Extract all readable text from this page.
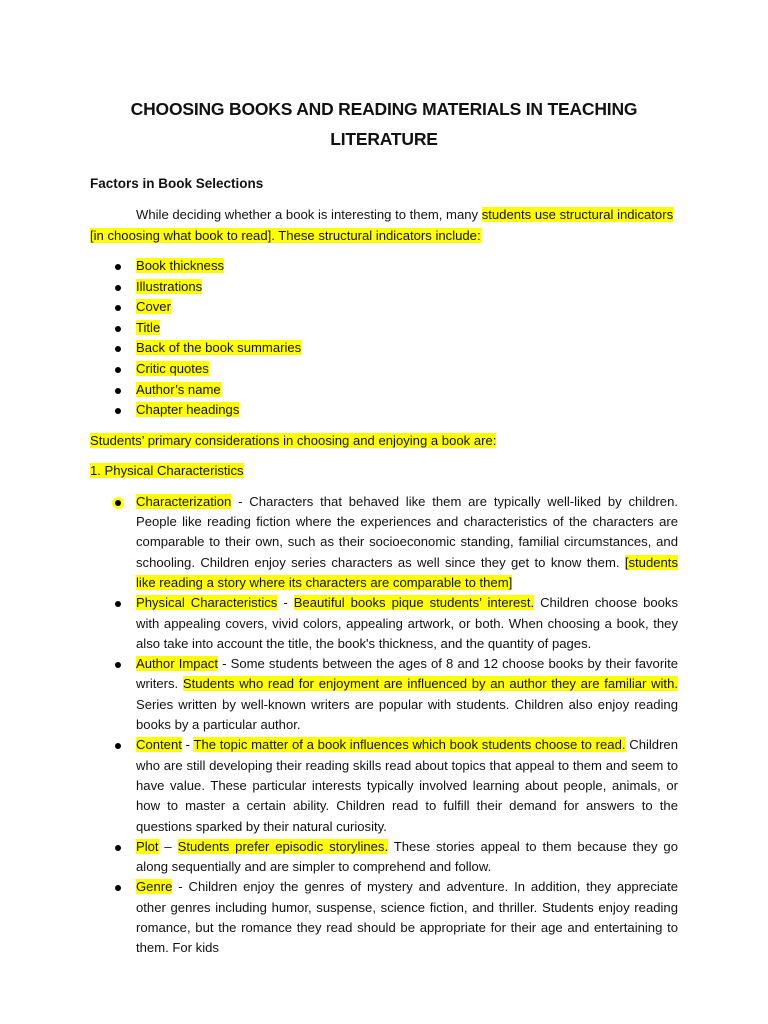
CHOOSING BOOKS AND READING MATERIALS IN TEACHING
LITERATURE
Factors in Book Selections

While deciding whether a book is interesting to them, many students use structural indicators [in choosing what book to read]. These structural indicators include:

Book thickness
Illustrations
Cover
Title
Back of the book summaries
Critic quotes
Author’s name
Chapter headings

Students’ primary considerations in choosing and enjoying a book are:

1. Physical Characteristics

Characterization - Characters that behaved like them are typically well-liked by children. People like reading fiction where the experiences and characteristics of the characters are comparable to their own, such as their socioeconomic standing, familial circumstances, and schooling. Children enjoy series characters as well since they get to know them. [students like reading a story where its characters are comparable to them]
Physical Characteristics - Beautiful books pique students’ interest. Children choose books with appealing covers, vivid colors, appealing artwork, or both. When choosing a book, they also take into account the title, the book's thickness, and the quantity of pages.
Author Impact - Some students between the ages of 8 and 12 choose books by their favorite writers. Students who read for enjoyment are influenced by an author they are familiar with. Series written by well-known writers are popular with students. Children also enjoy reading books by a particular author.
Content - The topic matter of a book influences which book students choose to read. Children who are still developing their reading skills read about topics that appeal to them and seem to have value. These particular interests typically involved learning about people, animals, or how to master a certain ability. Children read to fulfill their demand for answers to the questions sparked by their natural curiosity.
Plot – Students prefer episodic storylines. These stories appeal to them because they go along sequentially and are simpler to comprehend and follow.
Genre - Children enjoy the genres of mystery and adventure. In addition, they appreciate other genres including humor, suspense, science fiction, and thriller. Students enjoy reading romance, but the romance they read should be appropriate for their age and entertaining to them. For kids
